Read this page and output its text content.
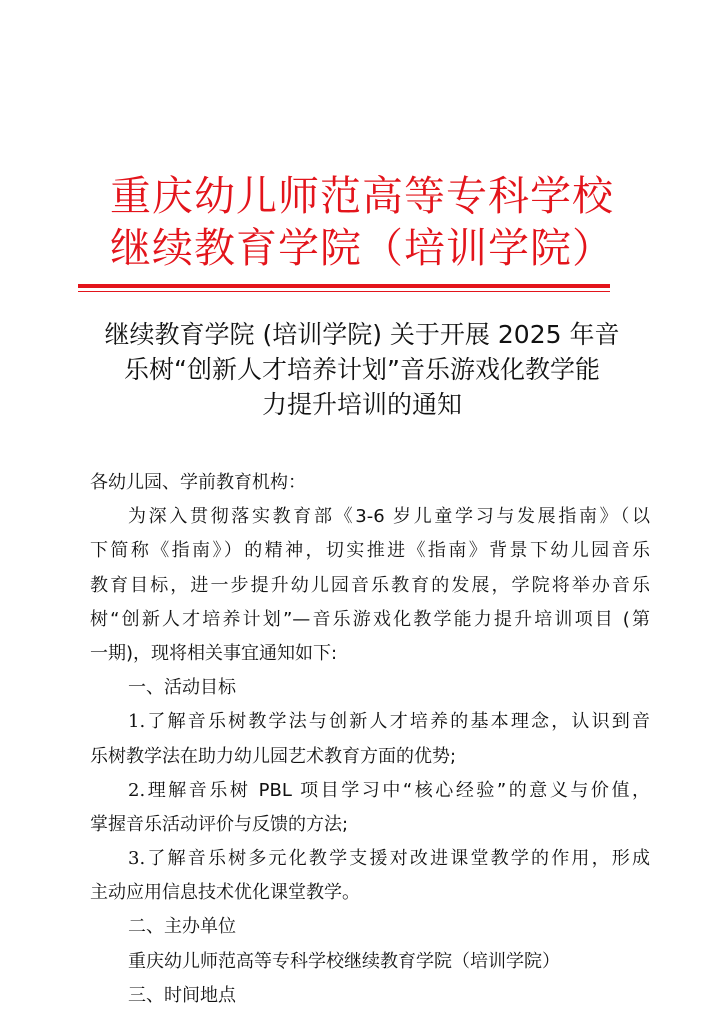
重庆幼儿师范高等专科学校
继续教育学院（培训学院）
继续教育学院 (培训学院) 关于开展 2025 年音
乐树“创新人才培养计划”音乐游戏化教学能
力提升培训的通知
各幼儿园、学前教育机构：
为深入贯彻落实教育部《3-6 岁儿童学习与发展指南》（以
下简称《指南》）的精神，切实推进《指南》背景下幼儿园音乐
教育目标，进一步提升幼儿园音乐教育的发展，学院将举办音乐
树“创新人才培养计划”—音乐游戏化教学能力提升培训项目 (第
一期)，现将相关事宜通知如下:
一、活动目标
1.了解音乐树教学法与创新人才培养的基本理念，认识到音
乐树教学法在助力幼儿园艺术教育方面的优势;
2.理解音乐树 PBL 项目学习中“核心经验”的意义与价值，
掌握音乐活动评价与反馈的方法;
3.了解音乐树多元化教学支援对改进课堂教学的作用，形成
主动应用信息技术优化课堂教学。
二、主办单位
重庆幼儿师范高等专科学校继续教育学院（培训学院）
三、时间地点
